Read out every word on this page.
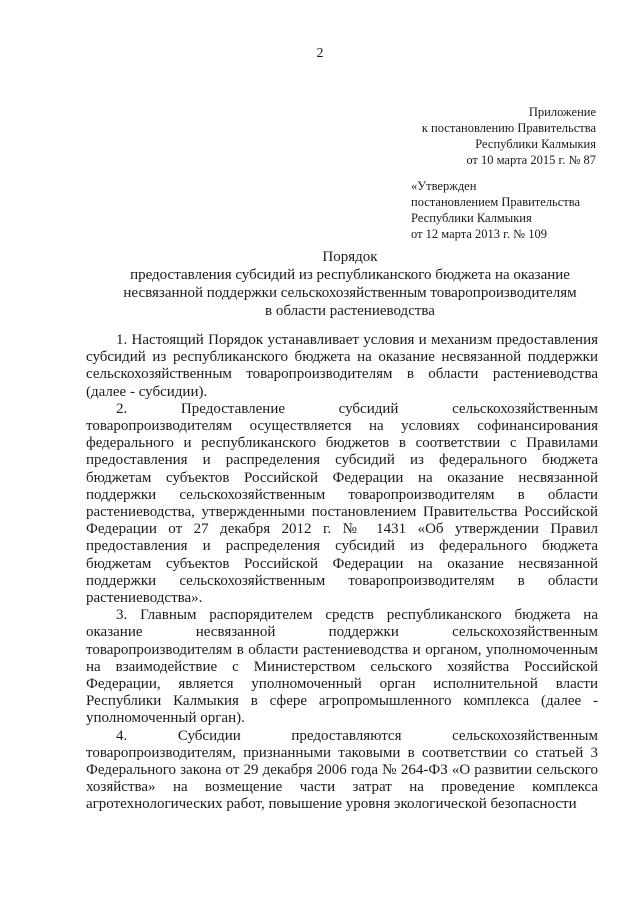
2
Приложение
к постановлению Правительства
Республики Калмыкия
от 10 марта 2015 г. № 87
«Утвержден
постановлением Правительства
Республики Калмыкия
от 12 марта 2013 г. № 109
Порядок
предоставления субсидий из республиканского бюджета на оказание
несвязанной поддержки сельскохозяйственным товаропроизводителям
в области растениеводства

1. Настоящий Порядок устанавливает условия и механизм предоставления субсидий из республиканского бюджета на оказание несвязанной поддержки сельскохозяйственным товаропроизводителям в области растениеводства (далее - субсидии).

2. Предоставление субсидий сельскохозяйственным товаропроизводителям осуществляется на условиях софинансирования федерального и республиканского бюджетов в соответствии с Правилами предоставления и распределения субсидий из федерального бюджета бюджетам субъектов Российской Федерации на оказание несвязанной поддержки сельскохозяйственным товаропроизводителям в области растениеводства, утвержденными постановлением Правительства Российской Федерации от 27 декабря 2012 г. № 1431 «Об утверждении Правил предоставления и распределения субсидий из федерального бюджета бюджетам субъектов Российской Федерации на оказание несвязанной поддержки сельскохозяйственным товаропроизводителям в области растениеводства».

3. Главным распорядителем средств республиканского бюджета на оказание несвязанной поддержки сельскохозяйственным товаропроизводителям в области растениеводства и органом, уполномоченным на взаимодействие с Министерством сельского хозяйства Российской Федерации, является уполномоченный орган исполнительной власти Республики Калмыкия в сфере агропромышленного комплекса (далее - уполномоченный орган).

4. Субсидии предоставляются сельскохозяйственным товаропроизводителям, признанными таковыми в соответствии со статьей 3 Федерального закона от 29 декабря 2006 года № 264-ФЗ «О развитии сельского хозяйства» на возмещение части затрат на проведение комплекса агротехнологических работ, повышение уровня экологической безопасности
